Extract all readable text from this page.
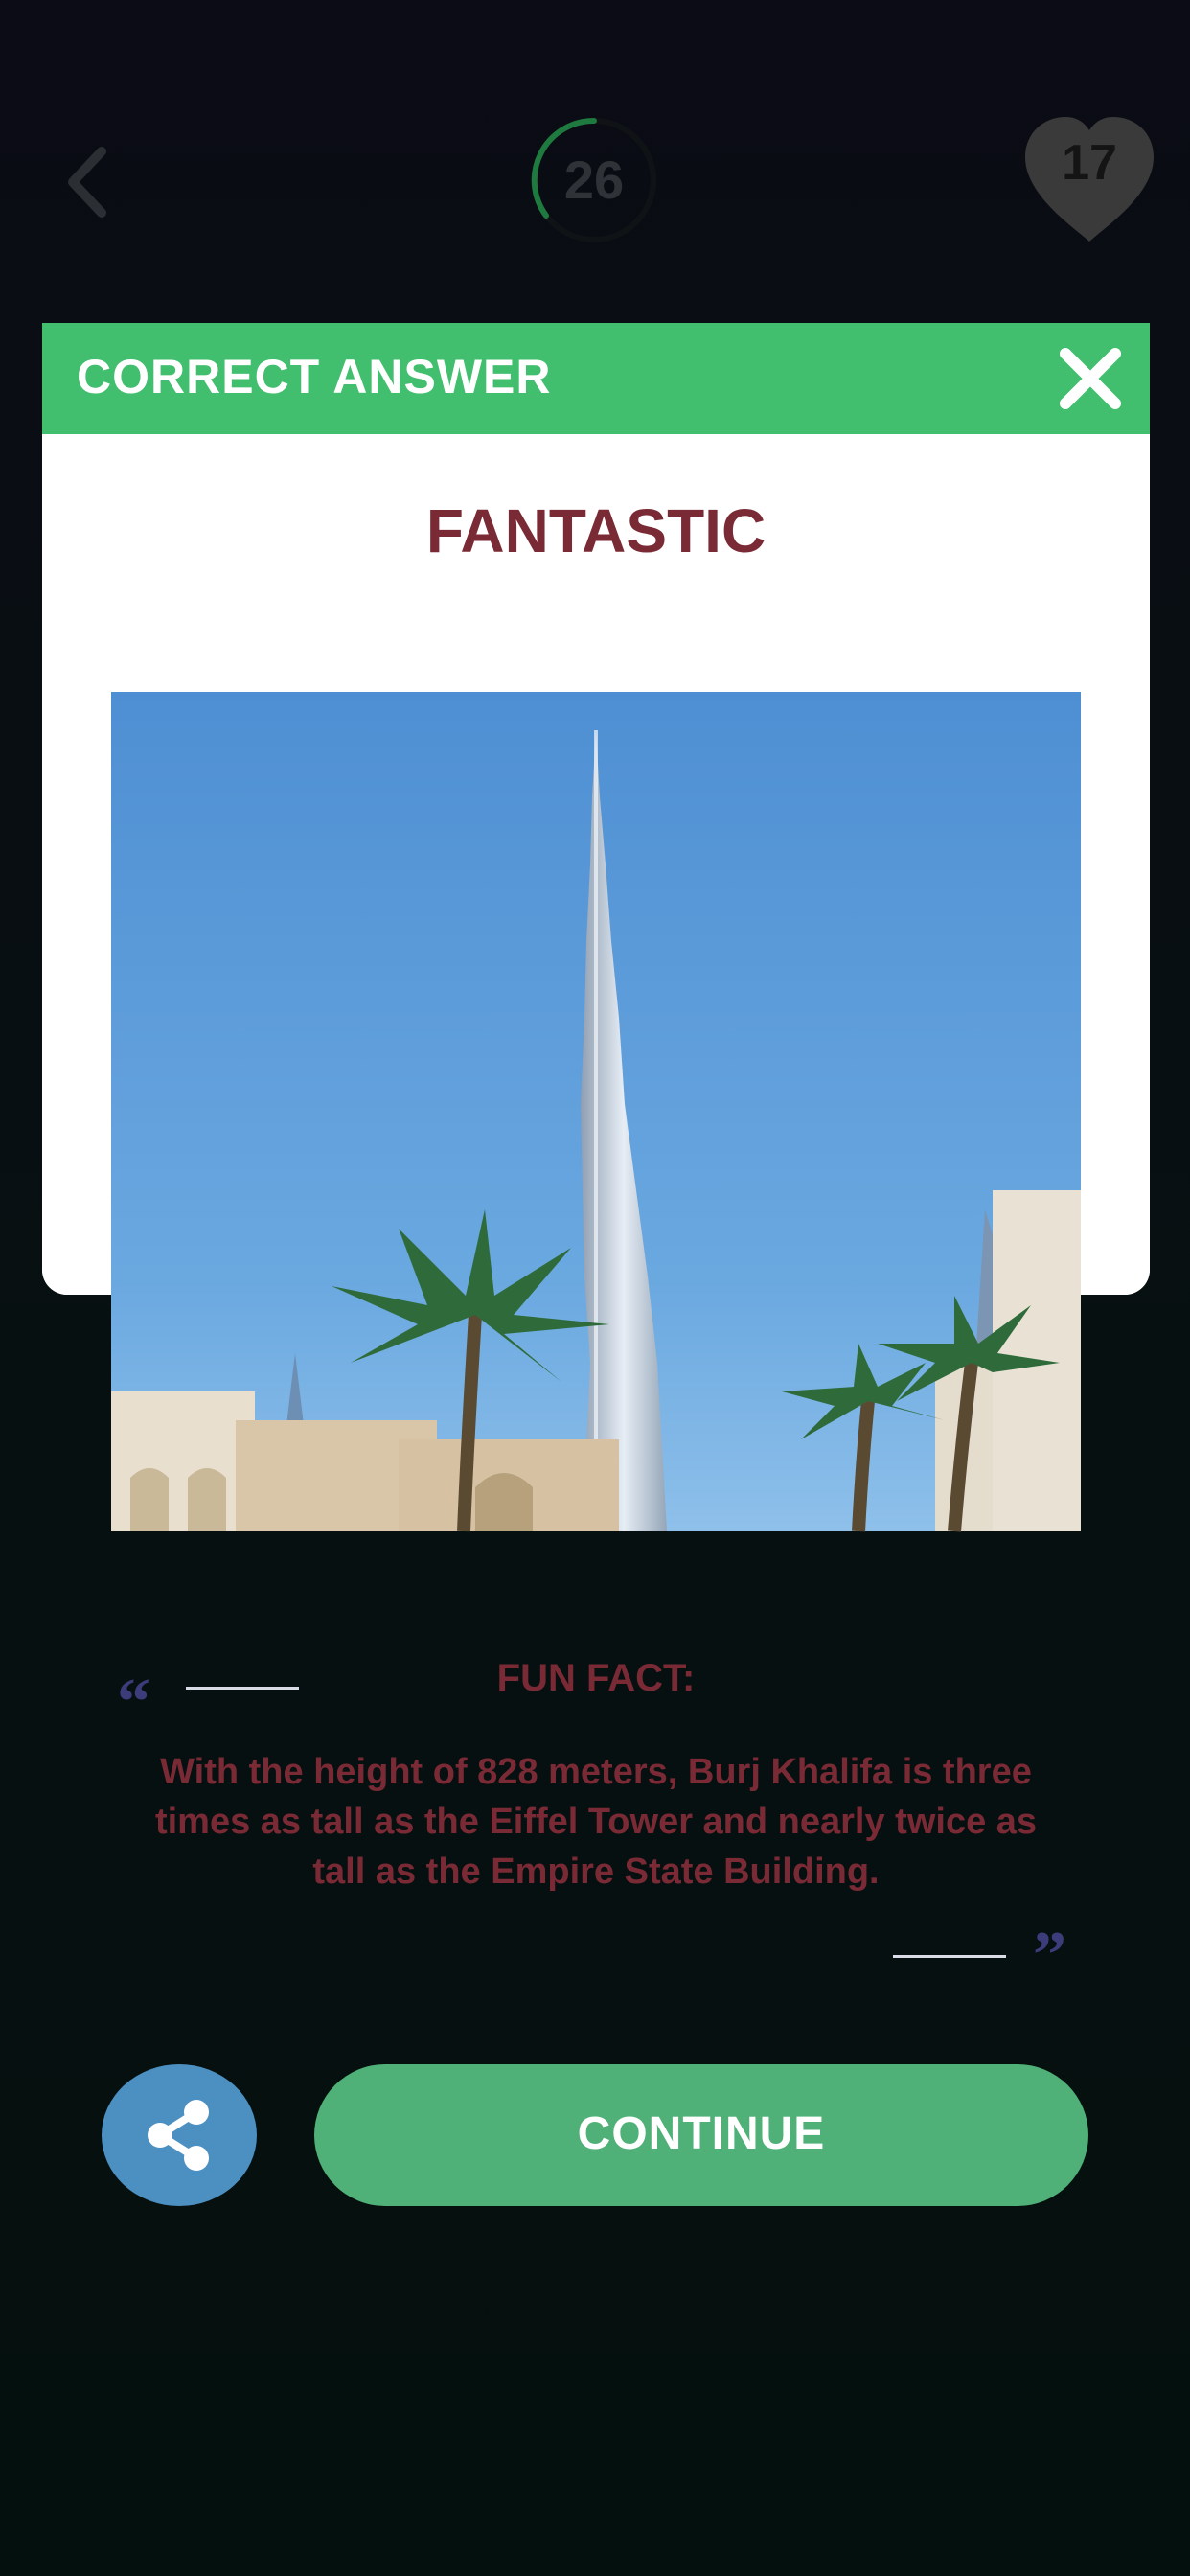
26	17
CORRECT ANSWER
FANTASTIC
“	FUN FACT:
With the height of 828 meters, Burj Khalifa is three times as tall as the Eiffel Tower and nearly twice as tall as the Empire State Building.
”
CONTINUE
